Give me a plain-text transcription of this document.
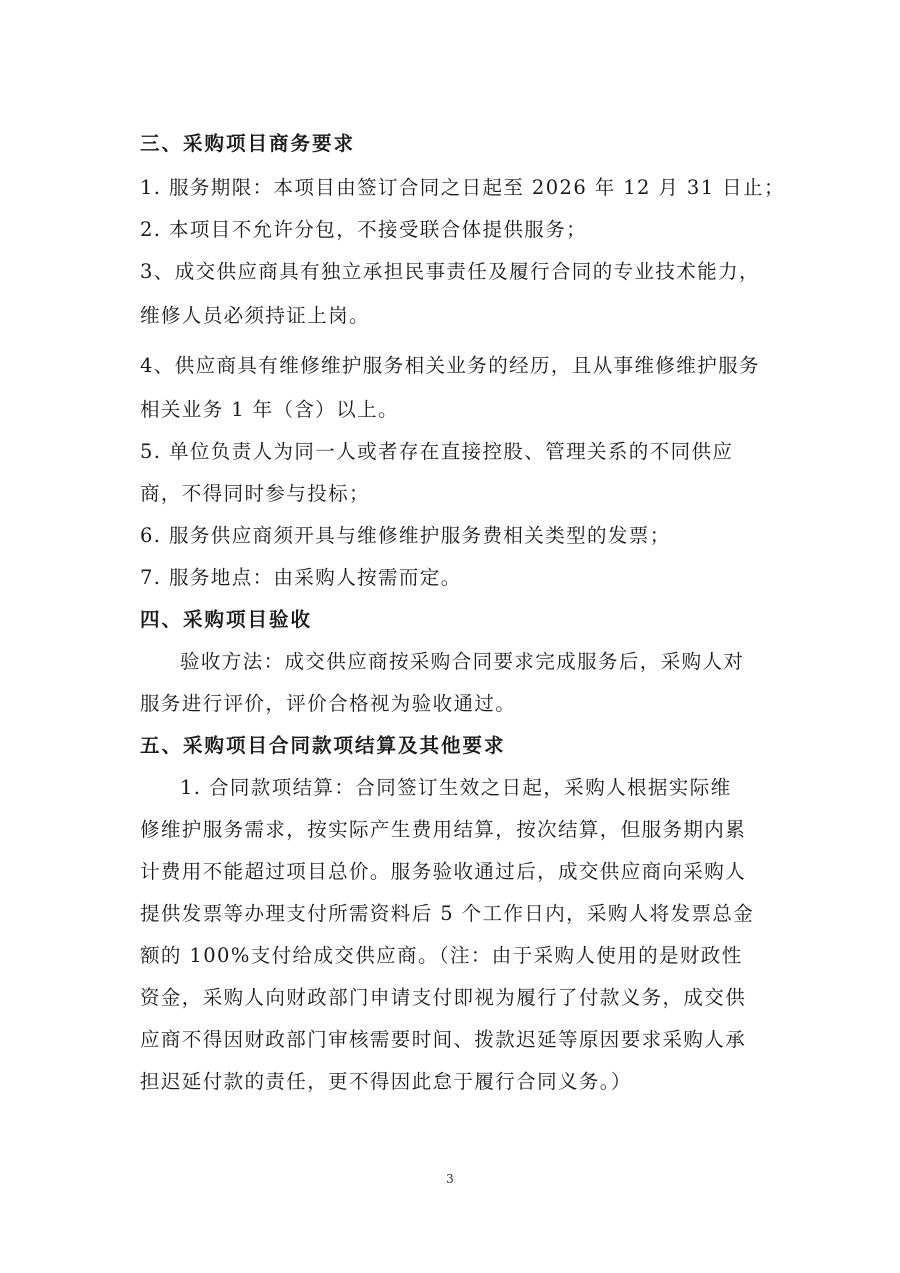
三、采购项目商务要求
1. 服务期限：本项目由签订合同之日起至 2026 年 12 月 31 日止；
2. 本项目不允许分包，不接受联合体提供服务；
3、成交供应商具有独立承担民事责任及履行合同的专业技术能力，
维修人员必须持证上岗。
4、供应商具有维修维护服务相关业务的经历，且从事维修维护服务
相关业务 1 年（含）以上。
5. 单位负责人为同一人或者存在直接控股、管理关系的不同供应
商，不得同时参与投标；
6. 服务供应商须开具与维修维护服务费相关类型的发票；
7. 服务地点：由采购人按需而定。
四、采购项目验收
验收方法：成交供应商按采购合同要求完成服务后，采购人对
服务进行评价，评价合格视为验收通过。
五、采购项目合同款项结算及其他要求
1. 合同款项结算：合同签订生效之日起，采购人根据实际维
修维护服务需求，按实际产生费用结算，按次结算，但服务期内累
计费用不能超过项目总价。服务验收通过后，成交供应商向采购人
提供发票等办理支付所需资料后 5 个工作日内，采购人将发票总金
额的 100%支付给成交供应商。（注：由于采购人使用的是财政性
资金，采购人向财政部门申请支付即视为履行了付款义务，成交供
应商不得因财政部门审核需要时间、拨款迟延等原因要求采购人承
担迟延付款的责任，更不得因此怠于履行合同义务。）
3
